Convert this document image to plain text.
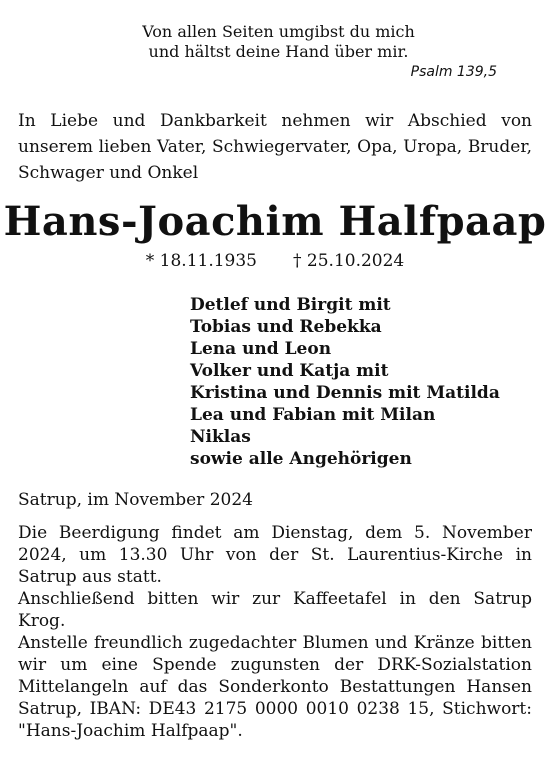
Von allen Seiten umgibst du mich
und hältst deine Hand über mir.
Psalm 139,5
In Liebe und Dankbarkeit nehmen wir Abschied von unserem lieben Vater, Schwiegervater, Opa, Uropa, Bruder, Schwager und Onkel
Hans-Joachim Halfpaap
* 18.11.1935 † 25.10.2024
Detlef und Birgit mit
Tobias und Rebekka
Lena und Leon
Volker und Katja mit
Kristina und Dennis mit Matilda
Lea und Fabian mit Milan
Niklas
sowie alle Angehörigen
Satrup, im November 2024

Die Beerdigung findet am Dienstag, dem 5. November 2024, um 13.30 Uhr von der St. Laurentius-Kirche in Satrup aus statt.

Anschließend bitten wir zur Kaffeetafel in den Satrup Krog.

Anstelle freundlich zugedachter Blumen und Kränze bitten wir um eine Spende zugunsten der DRK-Sozialstation Mittelangeln auf das Sonderkonto Bestattungen Hansen Satrup, IBAN: DE43 2175 0000 0010 0238 15, Stichwort: "Hans-Joachim Halfpaap".
